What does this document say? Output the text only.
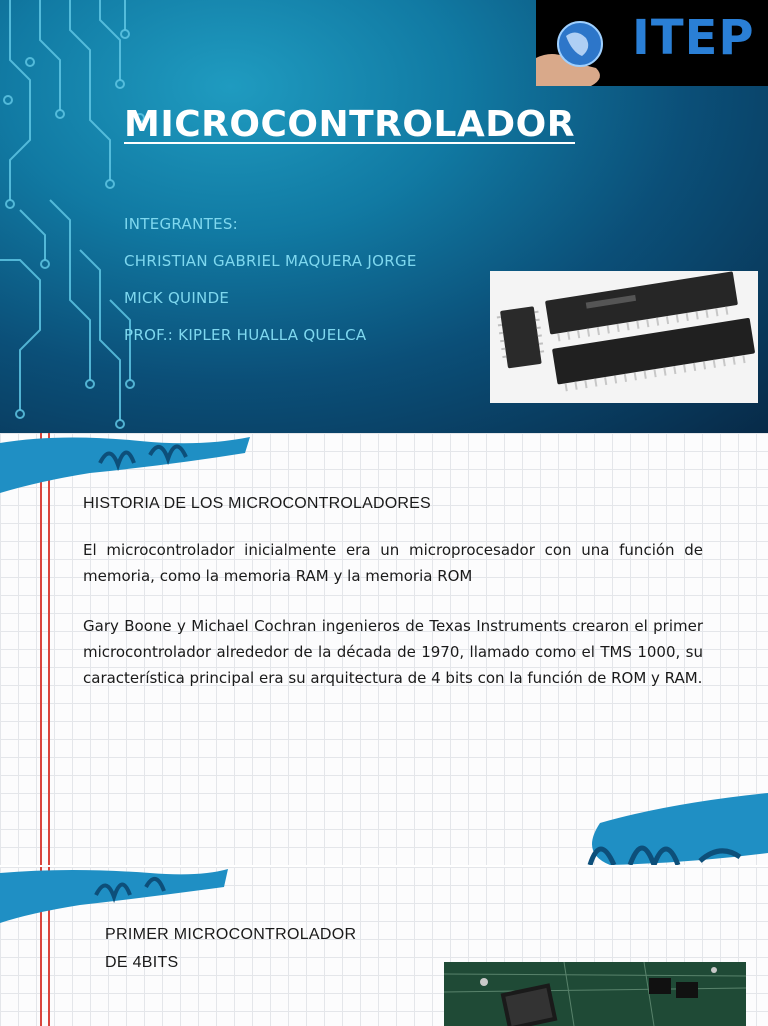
ITEP
MICROCONTROLADOR
INTEGRANTES:
CHRISTIAN GABRIEL MAQUERA JORGE
MICK QUINDE
PROF.: KIPLER HUALLA QUELCA

HISTORIA DE LOS MICROCONTROLADORES

El microcontrolador inicialmente era un microprocesador con una función de memoria, como la memoria RAM y la memoria ROM

Gary Boone y Michael Cochran ingenieros de Texas Instruments crearon el primer microcontrolador alrededor de la década de 1970, llamado como el TMS 1000, su característica principal era su arquitectura de 4 bits con la función de ROM y RAM.

PRIMER MICROCONTROLADOR DE 4BITS
